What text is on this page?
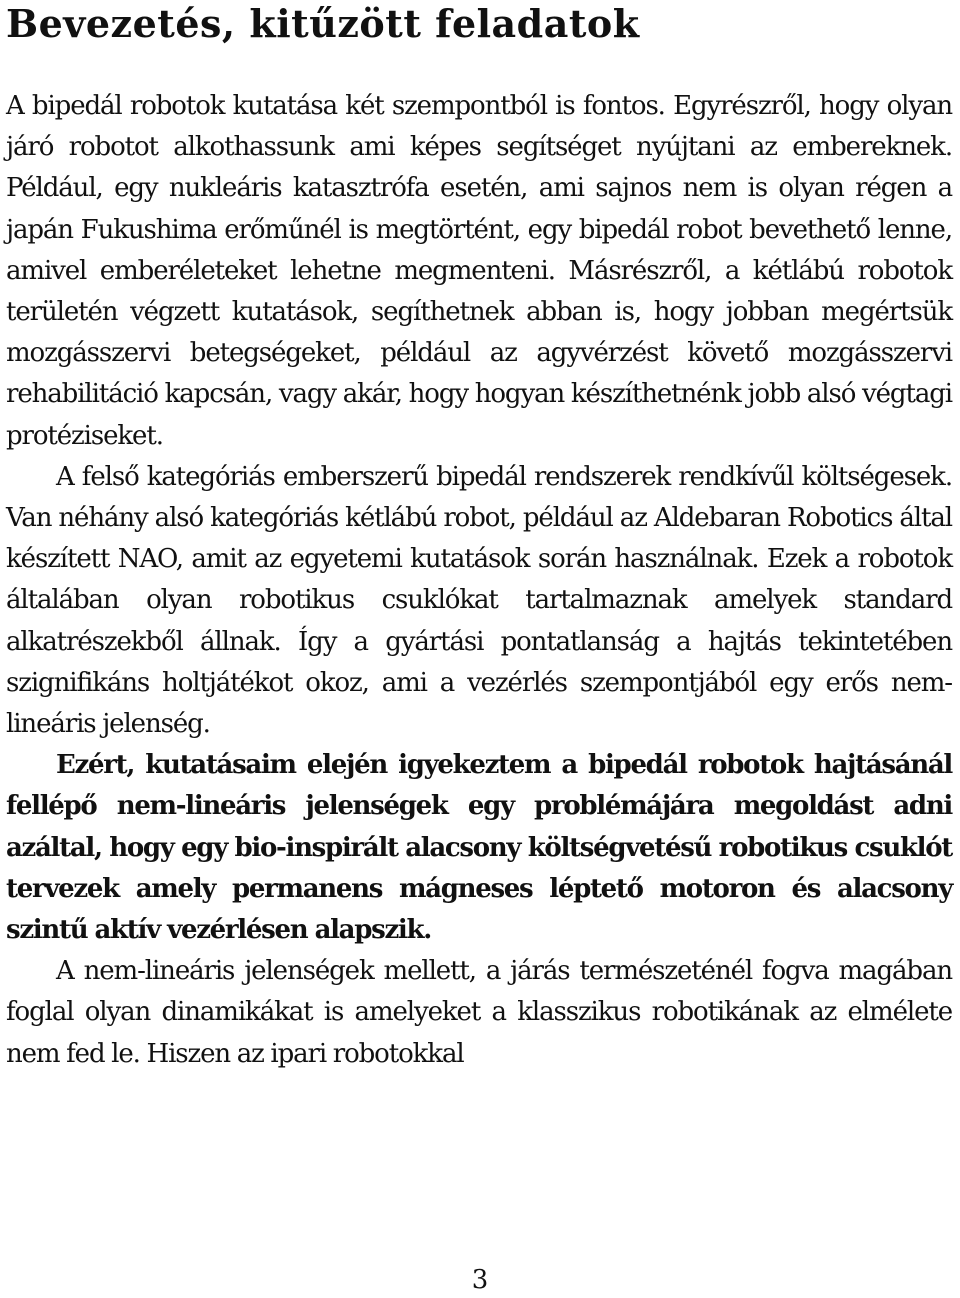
Bevezetés, kitűzött feladatok

A bipedál robotok kutatása két szempontból is fontos. Egyrészről, hogy olyan járó robotot alkothassunk ami képes segítséget nyújtani az embereknek. Például, egy nukleáris katasztrófa esetén, ami sajnos nem is olyan régen a japán Fukushima erőműnél is megtörtént, egy bipedál robot bevethető lenne, amivel emberéleteket lehetne megmenteni. Másrészről, a kétlábú robotok területén végzett kutatások, segíthetnek abban is, hogy jobban megértsük mozgásszervi betegségeket, például az agyvérzést követő mozgásszervi rehabilitáció kapcsán, vagy akár, hogy hogyan készíthetnénk jobb alsó végtagi protéziseket.

A felső kategóriás emberszerű bipedál rendszerek rendkívűl költségesek. Van néhány alsó kategóriás kétlábú robot, például az Aldebaran Robotics által készített NAO, amit az egyetemi kutatások során használnak. Ezek a robotok általában olyan robotikus csuklókat tartalmaznak amelyek standard alkatrészekből állnak. Így a gyártási pontatlanság a hajtás tekintetében szignifikáns holtjátékot okoz, ami a vezérlés szempontjából egy erős nem-lineáris jelenség.

Ezért, kutatásaim elején igyekeztem a bipedál robotok hajtásánál fellépő nem-lineáris jelenségek egy problémájára megoldást adni azáltal, hogy egy bio-inspirált alacsony költségvetésű robotikus csuklót tervezek amely permanens mágneses léptető motoron és alacsony szintű aktív vezérlésen alapszik.

A nem-lineáris jelenségek mellett, a járás természeténél fogva magában foglal olyan dinamikákat is amelyeket a klasszikus robotikának az elmélete nem fed le. Hiszen az ipari robotokkal

3
